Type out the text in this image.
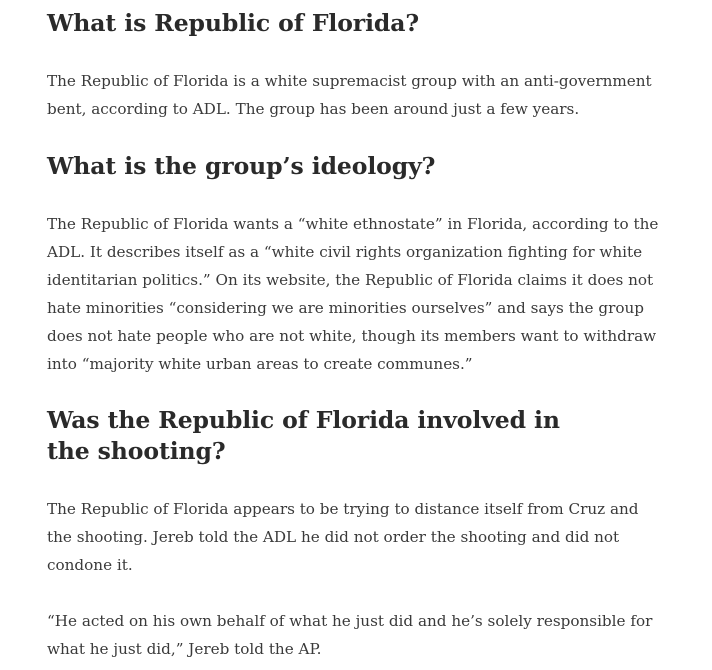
What is Republic of Florida?

The Republic of Florida is a white supremacist group with an anti-government bent, according to ADL. The group has been around just a few years.

What is the group’s ideology?

The Republic of Florida wants a “white ethnostate” in Florida, according to the ADL. It describes itself as a “white civil rights organization fighting for white identitarian politics.” On its website, the Republic of Florida claims it does not hate minorities “considering we are minorities ourselves” and says the group does not hate people who are not white, though its members want to withdraw into “majority white urban areas to create communes.”

Was the Republic of Florida involved in the shooting?

The Republic of Florida appears to be trying to distance itself from Cruz and the shooting. Jereb told the ADL he did not order the shooting and did not condone it.

“He acted on his own behalf of what he just did and he’s solely responsible for what he just did,” Jereb told the AP.
